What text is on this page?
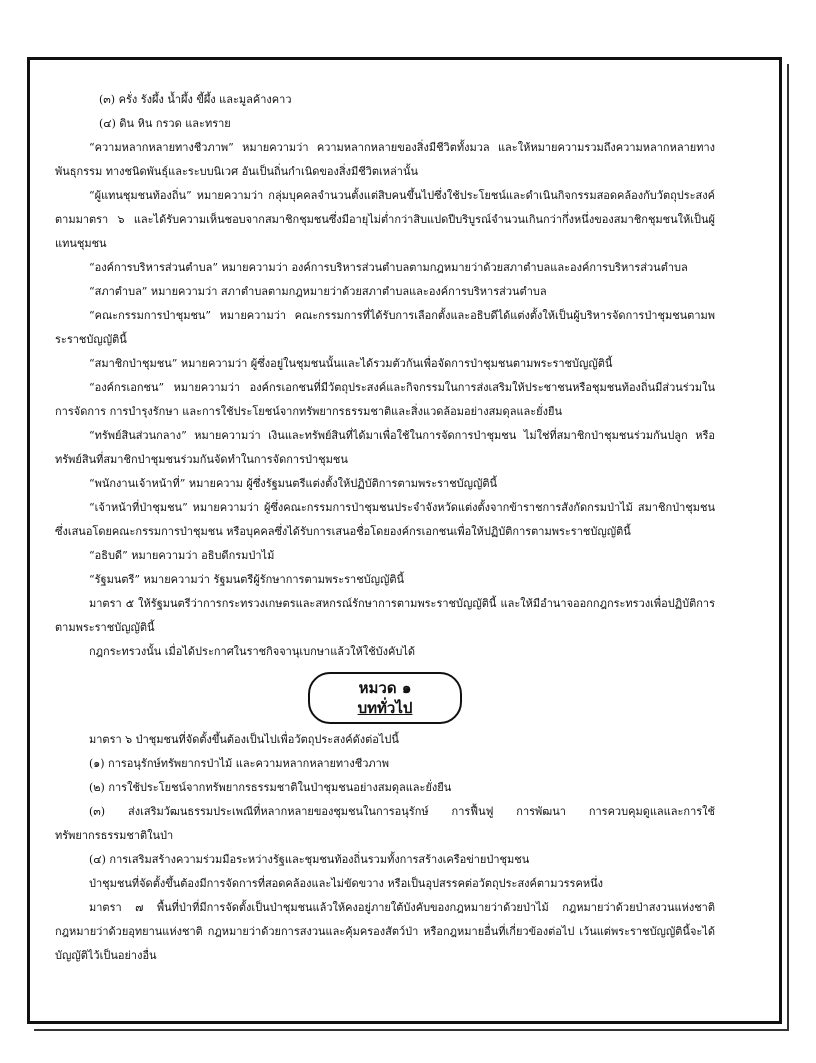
(๓) ครั่ง รังผึ้ง น้ำผึ้ง ขี้ผึ้ง และมูลค้างคาว

(๔) ดิน หิน กรวด และทราย

“ความหลากหลายทางชีวภาพ” หมายความว่า ความหลากหลายของสิ่งมีชีวิตทั้งมวล และให้หมายความรวมถึงความหลากหลายทางพันธุกรรม ทางชนิดพันธุ์และระบบนิเวศ อันเป็นถิ่นกำเนิดของสิ่งมีชีวิตเหล่านั้น

“ผู้แทนชุมชนท้องถิ่น” หมายความว่า กลุ่มบุคคลจำนวนตั้งแต่สิบคนขึ้นไปซึ่งใช้ประโยชน์และดำเนินกิจกรรมสอดคล้องกับวัตถุประสงค์ตามมาตรา ๖ และได้รับความเห็นชอบจากสมาชิกชุมชนซึ่งมีอายุไม่ต่ำกว่าสิบแปดปีบริบูรณ์จำนวนเกินกว่ากึ่งหนึ่งของสมาชิกชุมชนให้เป็นผู้แทนชุมชน

“องค์การบริหารส่วนตำบล” หมายความว่า องค์การบริหารส่วนตำบลตามกฎหมายว่าด้วยสภาตำบลและองค์การบริหารส่วนตำบล

“สภาตำบล” หมายความว่า สภาตำบลตามกฎหมายว่าด้วยสภาตำบลและองค์การบริหารส่วนตำบล

“คณะกรรมการป่าชุมชน” หมายความว่า คณะกรรมการที่ได้รับการเลือกตั้งและอธิบดีได้แต่งตั้งให้เป็นผู้บริหารจัดการป่าชุมชนตามพระราชบัญญัตินี้

“สมาชิกป่าชุมชน” หมายความว่า ผู้ซึ่งอยู่ในชุมชนนั้นและได้รวมตัวกันเพื่อจัดการป่าชุมชนตามพระราชบัญญัตินี้

“องค์กรเอกชน” หมายความว่า องค์กรเอกชนที่มีวัตถุประสงค์และกิจกรรมในการส่งเสริมให้ประชาชนหรือชุมชนท้องถิ่นมีส่วนร่วมในการจัดการ การบำรุงรักษา และการใช้ประโยชน์จากทรัพยากรธรรมชาติและสิ่งแวดล้อมอย่างสมดุลและยั่งยืน

“ทรัพย์สินส่วนกลาง” หมายความว่า เงินและทรัพย์สินที่ได้มาเพื่อใช้ในการจัดการป่าชุมชน ไม่ใช่ที่สมาชิกป่าชุมชนร่วมกันปลูก หรือทรัพย์สินที่สมาชิกป่าชุมชนร่วมกันจัดทำในการจัดการป่าชุมชน

“พนักงานเจ้าหน้าที่” หมายความ ผู้ซึ่งรัฐมนตรีแต่งตั้งให้ปฏิบัติการตามพระราชบัญญัตินี้

“เจ้าหน้าที่ป่าชุมชน” หมายความว่า ผู้ซึ่งคณะกรรมการป่าชุมชนประจำจังหวัดแต่งตั้งจากข้าราชการสังกัดกรมป่าไม้ สมาชิกป่าชุมชนซึ่งเสนอโดยคณะกรรมการป่าชุมชน หรือบุคคลซึ่งได้รับการเสนอชื่อโดยองค์กรเอกชนเพื่อให้ปฏิบัติการตามพระราชบัญญัตินี้

“อธิบดี” หมายความว่า อธิบดีกรมป่าไม้

“รัฐมนตรี” หมายความว่า รัฐมนตรีผู้รักษาการตามพระราชบัญญัตินี้

มาตรา ๕ ให้รัฐมนตรีว่าการกระทรวงเกษตรและสหกรณ์รักษาการตามพระราชบัญญัตินี้ และให้มีอำนาจออกกฎกระทรวงเพื่อปฏิบัติการตามพระราชบัญญัตินี้

กฎกระทรวงนั้น เมื่อได้ประกาศในราชกิจจานุเบกษาแล้วให้ใช้บังคับได้

หมวด ๑
บททั่วไป

มาตรา ๖ ป่าชุมชนที่จัดตั้งขึ้นต้องเป็นไปเพื่อวัตถุประสงค์ดังต่อไปนี้

(๑) การอนุรักษ์ทรัพยากรป่าไม้ และความหลากหลายทางชีวภาพ

(๒) การใช้ประโยชน์จากทรัพยากรธรรมชาติในป่าชุมชนอย่างสมดุลและยั่งยืน

(๓) ส่งเสริมวัฒนธรรมประเพณีที่หลากหลายของชุมชนในการอนุรักษ์ การฟื้นฟู การพัฒนา การควบคุมดูแลและการใช้ทรัพยากรธรรมชาติในป่า

(๔) การเสริมสร้างความร่วมมือระหว่างรัฐและชุมชนท้องถิ่นรวมทั้งการสร้างเครือข่ายป่าชุมชน

ป่าชุมชนที่จัดตั้งขึ้นต้องมีการจัดการที่สอดคล้องและไม่ขัดขวาง หรือเป็นอุปสรรคต่อวัตถุประสงค์ตามวรรคหนึ่ง

มาตรา ๗ พื้นที่ป่าที่มีการจัดตั้งเป็นป่าชุมชนแล้วให้คงอยู่ภายใต้บังคับของกฎหมายว่าด้วยป่าไม้ กฎหมายว่าด้วยป่าสงวนแห่งชาติ กฎหมายว่าด้วยอุทยานแห่งชาติ กฎหมายว่าด้วยการสงวนและคุ้มครองสัตว์ป่า หรือกฎหมายอื่นที่เกี่ยวข้องต่อไป เว้นแต่พระราชบัญญัตินี้จะได้บัญญัติไว้เป็นอย่างอื่น
